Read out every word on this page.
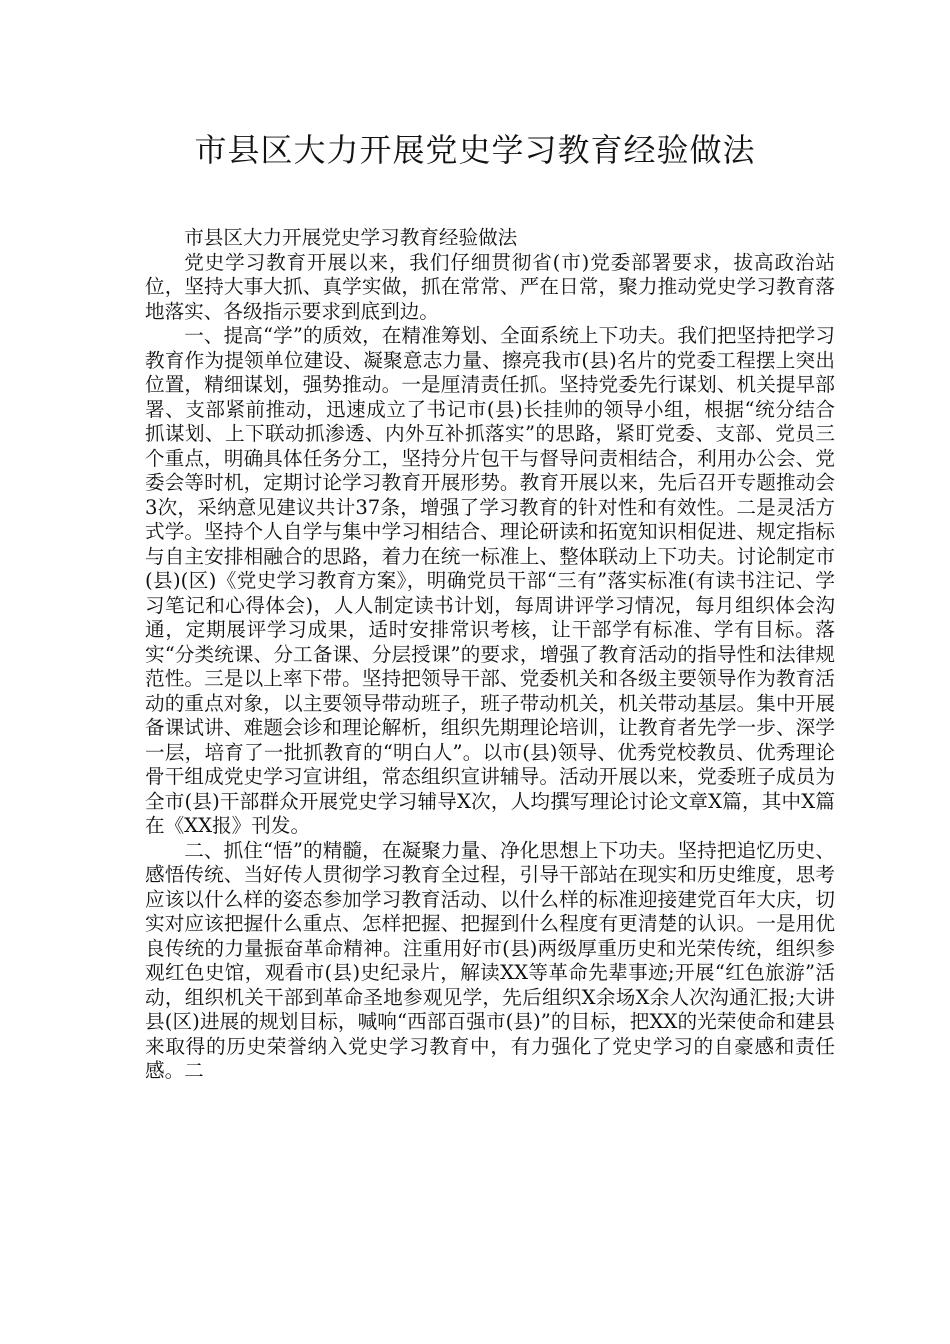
市县区大力开展党史学习教育经验做法

市县区大力开展党史学习教育经验做法

党史学习教育开展以来，我们仔细贯彻省(市)党委部署要求，拔高政治站位，坚持大事大抓、真学实做，抓在常常、严在日常，聚力推动党史学习教育落地落实、各级指示要求到底到边。

一、提高“学”的质效，在精准筹划、全面系统上下功夫。我们把坚持把学习教育作为提领单位建设、凝聚意志力量、擦亮我市(县)名片的党委工程摆上突出位置，精细谋划，强势推动。一是厘清责任抓。坚持党委先行谋划、机关提早部署、支部紧前推动，迅速成立了书记市(县)长挂帅的领导小组，根据“统分结合抓谋划、上下联动抓渗透、内外互补抓落实”的思路，紧盯党委、支部、党员三个重点，明确具体任务分工，坚持分片包干与督导问责相结合，利用办公会、党委会等时机，定期讨论学习教育开展形势。教育开展以来，先后召开专题推动会3次，采纳意见建议共计37条，增强了学习教育的针对性和有效性。二是灵活方式学。坚持个人自学与集中学习相结合、理论研读和拓宽知识相促进、规定指标与自主安排相融合的思路，着力在统一标准上、整体联动上下功夫。讨论制定市(县)(区)《党史学习教育方案》，明确党员干部“三有”落实标准(有读书注记、学习笔记和心得体会)，人人制定读书计划，每周讲评学习情况，每月组织体会沟通，定期展评学习成果，适时安排常识考核，让干部学有标准、学有目标。落实“分类统课、分工备课、分层授课”的要求，增强了教育活动的指导性和法律规范性。三是以上率下带。坚持把领导干部、党委机关和各级主要领导作为教育活动的重点对象，以主要领导带动班子，班子带动机关，机关带动基层。集中开展备课试讲、难题会诊和理论解析，组织先期理论培训，让教育者先学一步、深学一层，培育了一批抓教育的“明白人”。以市(县)领导、优秀党校教员、优秀理论骨干组成党史学习宣讲组，常态组织宣讲辅导。活动开展以来，党委班子成员为全市(县)干部群众开展党史学习辅导X次，人均撰写理论讨论文章X篇，其中X篇在《XX报》刊发。

二、抓住“悟”的精髓，在凝聚力量、净化思想上下功夫。坚持把追忆历史、感悟传统、当好传人贯彻学习教育全过程，引导干部站在现实和历史维度，思考应该以什么样的姿态参加学习教育活动、以什么样的标准迎接建党百年大庆，切实对应该把握什么重点、怎样把握、把握到什么程度有更清楚的认识。一是用优良传统的力量振奋革命精神。注重用好市(县)两级厚重历史和光荣传统，组织参观红色史馆，观看市(县)史纪录片，解读XX等革命先辈事迹;开展“红色旅游”活动，组织机关干部到革命圣地参观见学，先后组织X余场X余人次沟通汇报;大讲县(区)进展的规划目标，喊响“西部百强市(县)”的目标，把XX的光荣使命和建县来取得的历史荣誉纳入党史学习教育中，有力强化了党史学习的自豪感和责任感。二
